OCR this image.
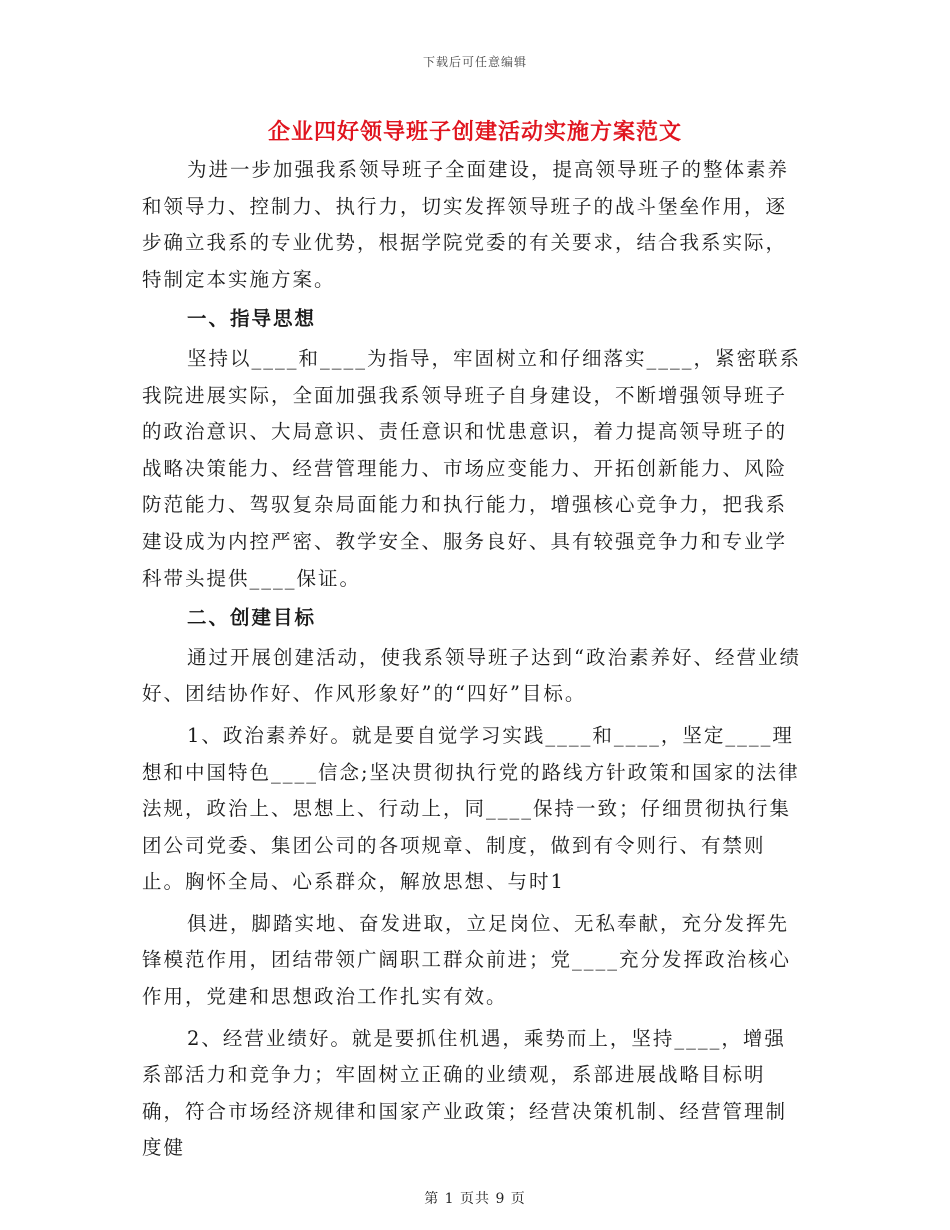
下载后可任意编辑
企业四好领导班子创建活动实施方案范文

为进一步加强我系领导班子全面建设，提高领导班子的整体素养和领导力、控制力、执行力，切实发挥领导班子的战斗堡垒作用，逐步确立我系的专业优势，根据学院党委的有关要求，结合我系实际，特制定本实施方案。

一、指导思想

坚持以____和____为指导，牢固树立和仔细落实____，紧密联系我院进展实际，全面加强我系领导班子自身建设，不断增强领导班子的政治意识、大局意识、责任意识和忧患意识，着力提高领导班子的战略决策能力、经营管理能力、市场应变能力、开拓创新能力、风险防范能力、驾驭复杂局面能力和执行能力，增强核心竞争力，把我系建设成为内控严密、教学安全、服务良好、具有较强竞争力和专业学科带头提供____保证。

二、创建目标

通过开展创建活动，使我系领导班子达到“政治素养好、经营业绩好、团结协作好、作风形象好”的“四好”目标。

1、政治素养好。就是要自觉学习实践____和____，坚定____理想和中国特色____信念;坚决贯彻执行党的路线方针政策和国家的法律法规，政治上、思想上、行动上，同____保持一致；仔细贯彻执行集团公司党委、集团公司的各项规章、制度，做到有令则行、有禁则止。胸怀全局、心系群众，解放思想、与时1

俱进，脚踏实地、奋发进取，立足岗位、无私奉献，充分发挥先锋模范作用，团结带领广阔职工群众前进；党____充分发挥政治核心作用，党建和思想政治工作扎实有效。

2、经营业绩好。就是要抓住机遇，乘势而上，坚持____，增强系部活力和竞争力；牢固树立正确的业绩观，系部进展战略目标明确，符合市场经济规律和国家产业政策；经营决策机制、经营管理制度健

第 1 页共 9 页
